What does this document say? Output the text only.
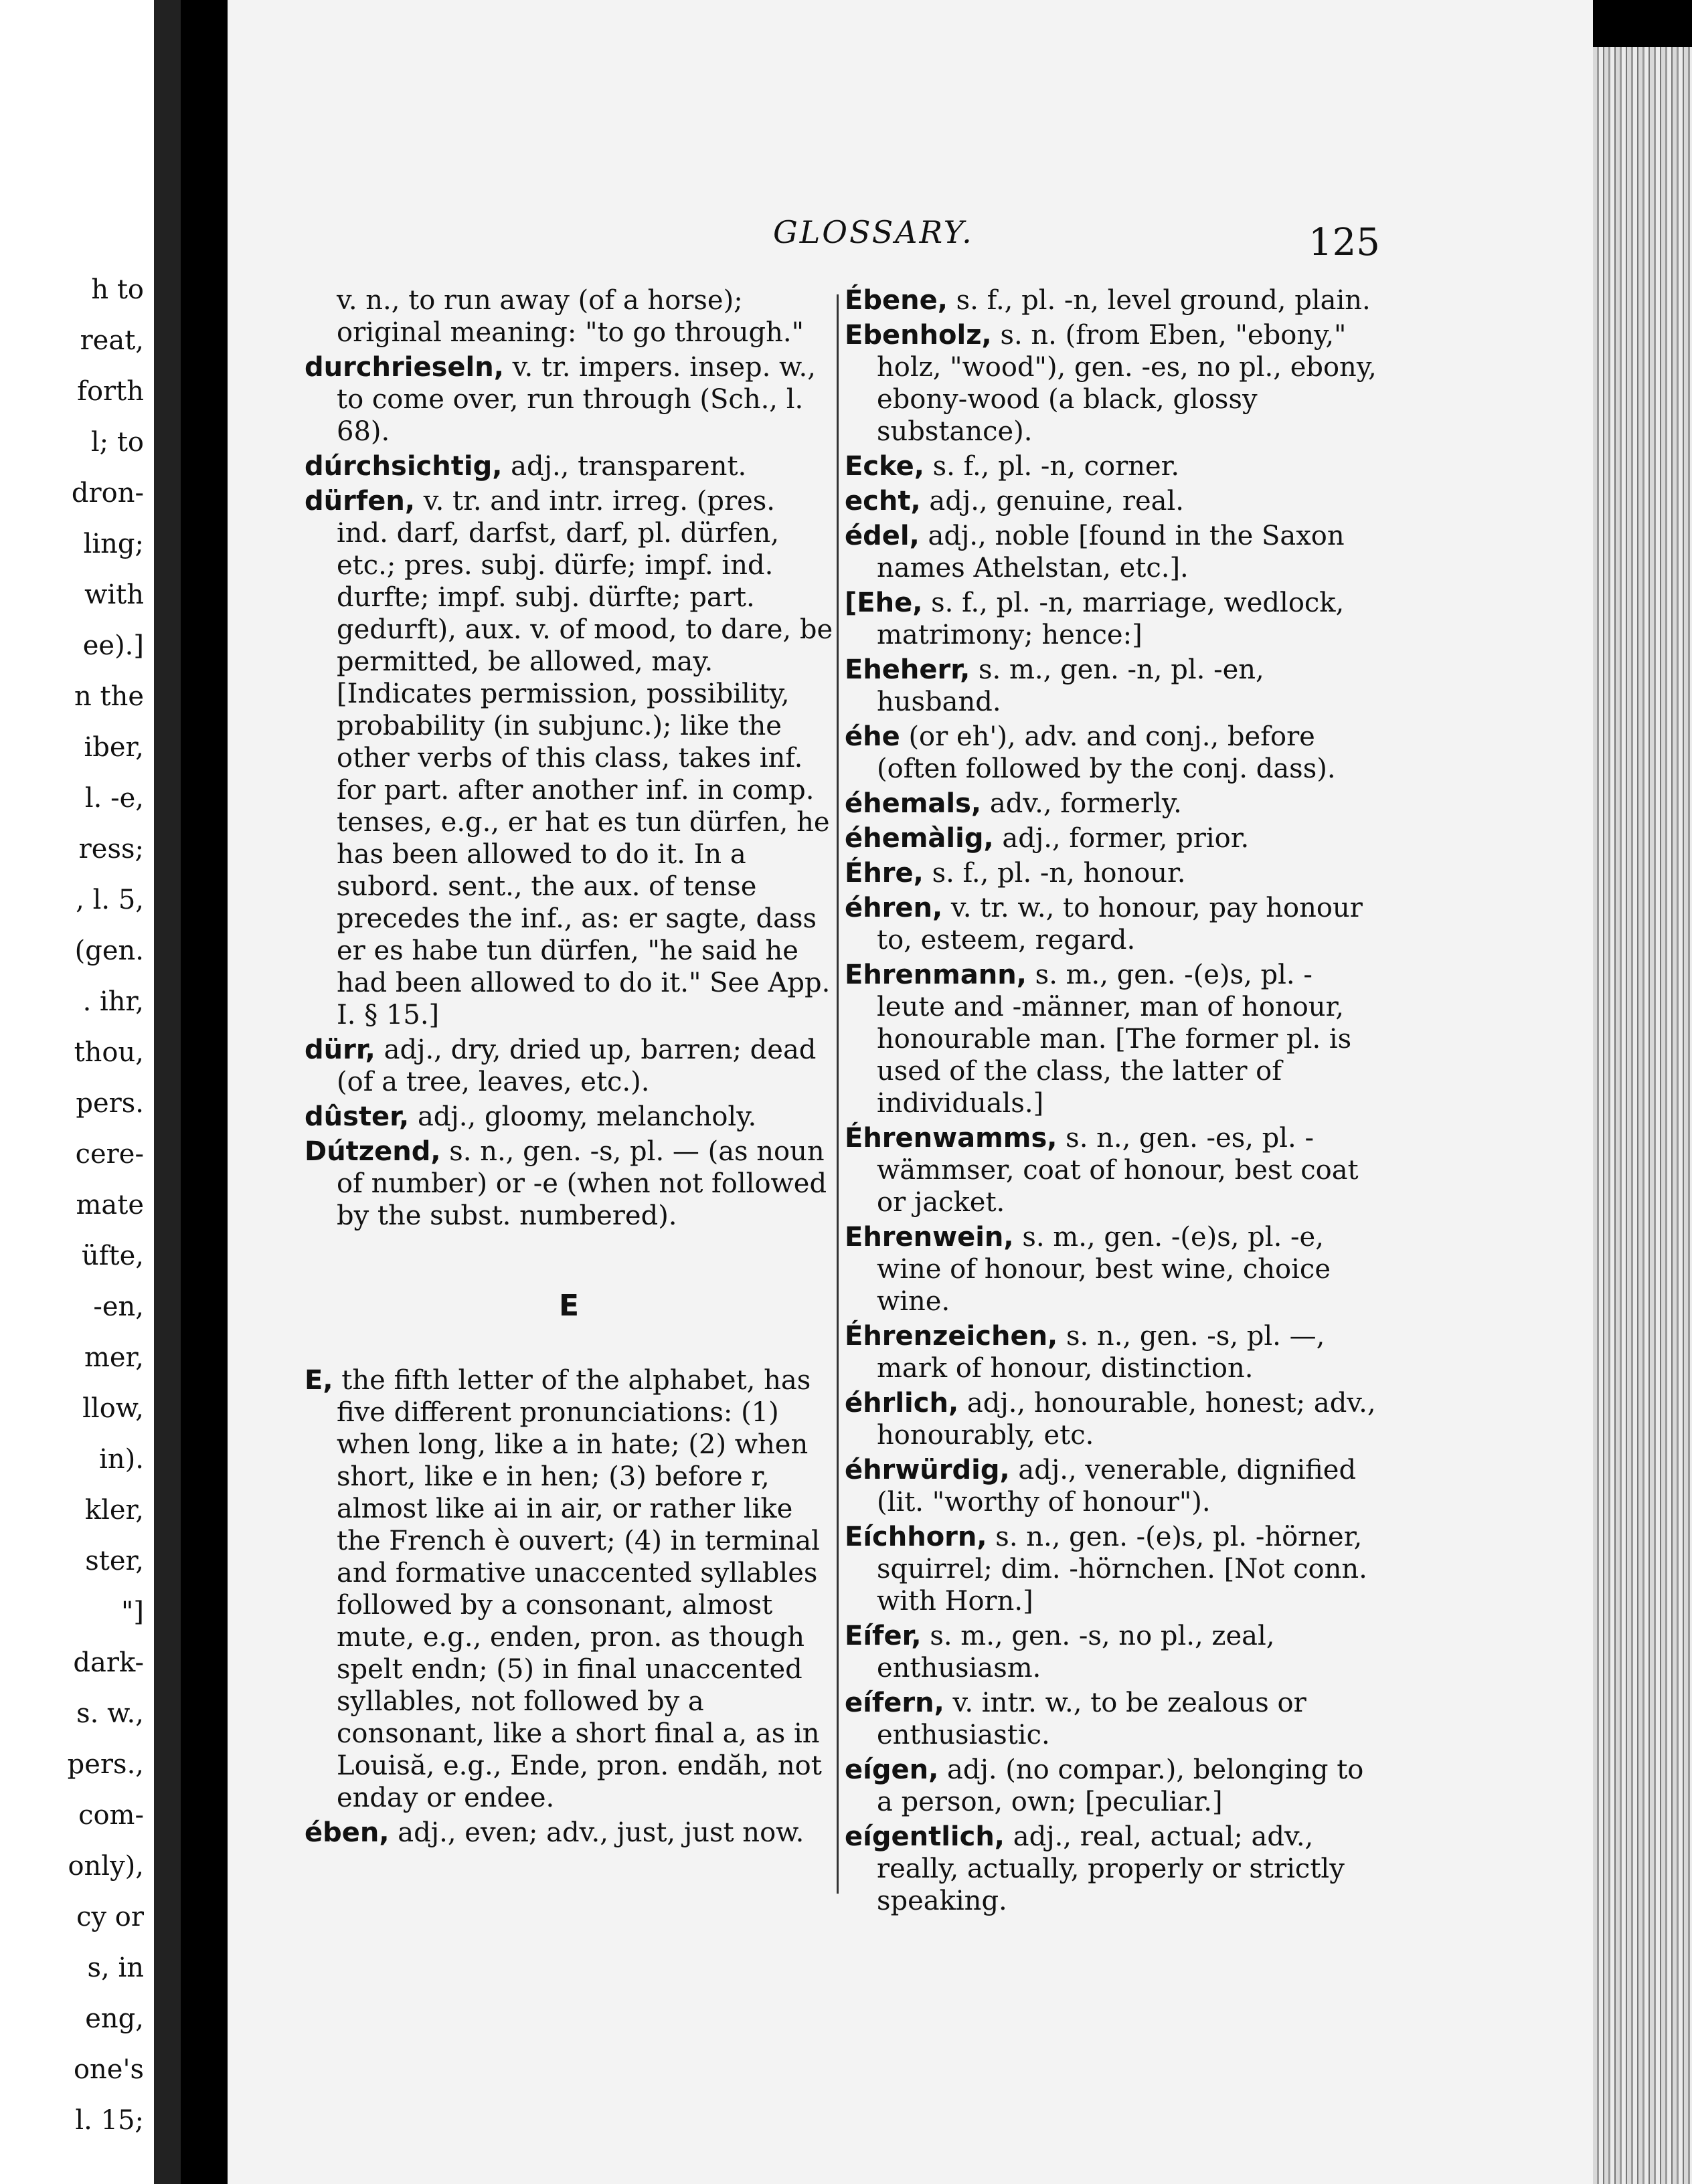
h to
reat,
forth
l; to
dron-
ling;
with
ee).]
n the
iber,
l. -e,
ress;
, l. 5,
(gen.
. ihr,
thou,
pers.
cere-
mate
üfte,
-en,
mer,
llow,
in).
kler,
ster,
"]
dark-
s. w.,
pers.,
com-
only),
cy or
s, in
eng,
one's
l. 15;
GLOSSARY.	125

v. n., to run away (of a horse); original meaning: "to go through."

durchrieseln, v. tr. impers. insep. w., to come over, run through (Sch., l. 68).

dúrchsichtig, adj., transparent.

dürfen, v. tr. and intr. irreg. (pres. ind. darf, darfst, darf, pl. dürfen, etc.; pres. subj. dürfe; impf. ind. durfte; impf. subj. dürfte; part. gedurft), aux. v. of mood, to dare, be permitted, be allowed, may. [Indicates permission, possibility, probability (in subjunc.); like the other verbs of this class, takes inf. for part. after another inf. in comp. tenses, e.g., er hat es tun dürfen, he has been allowed to do it. In a subord. sent., the aux. of tense precedes the inf., as: er sagte, dass er es habe tun dürfen, "he said he had been allowed to do it." See App. I. § 15.]

dürr, adj., dry, dried up, barren; dead (of a tree, leaves, etc.).

dûster, adj., gloomy, melancholy.

Dútzend, s. n., gen. -s, pl. — (as noun of number) or -e (when not followed by the subst. numbered).

E

E, the fifth letter of the alphabet, has five different pronunciations: (1) when long, like a in hate; (2) when short, like e in hen; (3) before r, almost like ai in air, or rather like the French è ouvert; (4) in terminal and formative unaccented syllables followed by a consonant, almost mute, e.g., enden, pron. as though spelt endn; (5) in final unaccented syllables, not followed by a consonant, like a short final a, as in Louisă, e.g., Ende, pron. endăh, not enday or endee.

ében, adj., even; adv., just, just now.

Ébene, s. f., pl. -n, level ground, plain.

Ebenholz, s. n. (from Eben, "ebony," holz, "wood"), gen. -es, no pl., ebony, ebony-wood (a black, glossy substance).

Ecke, s. f., pl. -n, corner.

echt, adj., genuine, real.

édel, adj., noble [found in the Saxon names Athelstan, etc.].

[Ehe, s. f., pl. -n, marriage, wedlock, matrimony; hence:]

Eheherr, s. m., gen. -n, pl. -en, husband.

éhe (or eh'), adv. and conj., before (often followed by the conj. dass).

éhemals, adv., formerly.

éhemàlig, adj., former, prior.

Éhre, s. f., pl. -n, honour.

éhren, v. tr. w., to honour, pay honour to, esteem, regard.

Ehrenmann, s. m., gen. -(e)s, pl. -leute and -männer, man of honour, honourable man. [The former pl. is used of the class, the latter of individuals.]

Éhrenwamms, s. n., gen. -es, pl. -wämmser, coat of honour, best coat or jacket.

Ehrenwein, s. m., gen. -(e)s, pl. -e, wine of honour, best wine, choice wine.

Éhrenzeichen, s. n., gen. -s, pl. —, mark of honour, distinction.

éhrlich, adj., honourable, honest; adv., honourably, etc.

éhrwürdig, adj., venerable, dignified (lit. "worthy of honour").

Eíchhorn, s. n., gen. -(e)s, pl. -hörner, squirrel; dim. -hörnchen. [Not conn. with Horn.]

Eífer, s. m., gen. -s, no pl., zeal, enthusiasm.

eífern, v. intr. w., to be zealous or enthusiastic.

eígen, adj. (no compar.), belonging to a person, own; [peculiar.]

eígentlich, adj., real, actual; adv., really, actually, properly or strictly speaking.
